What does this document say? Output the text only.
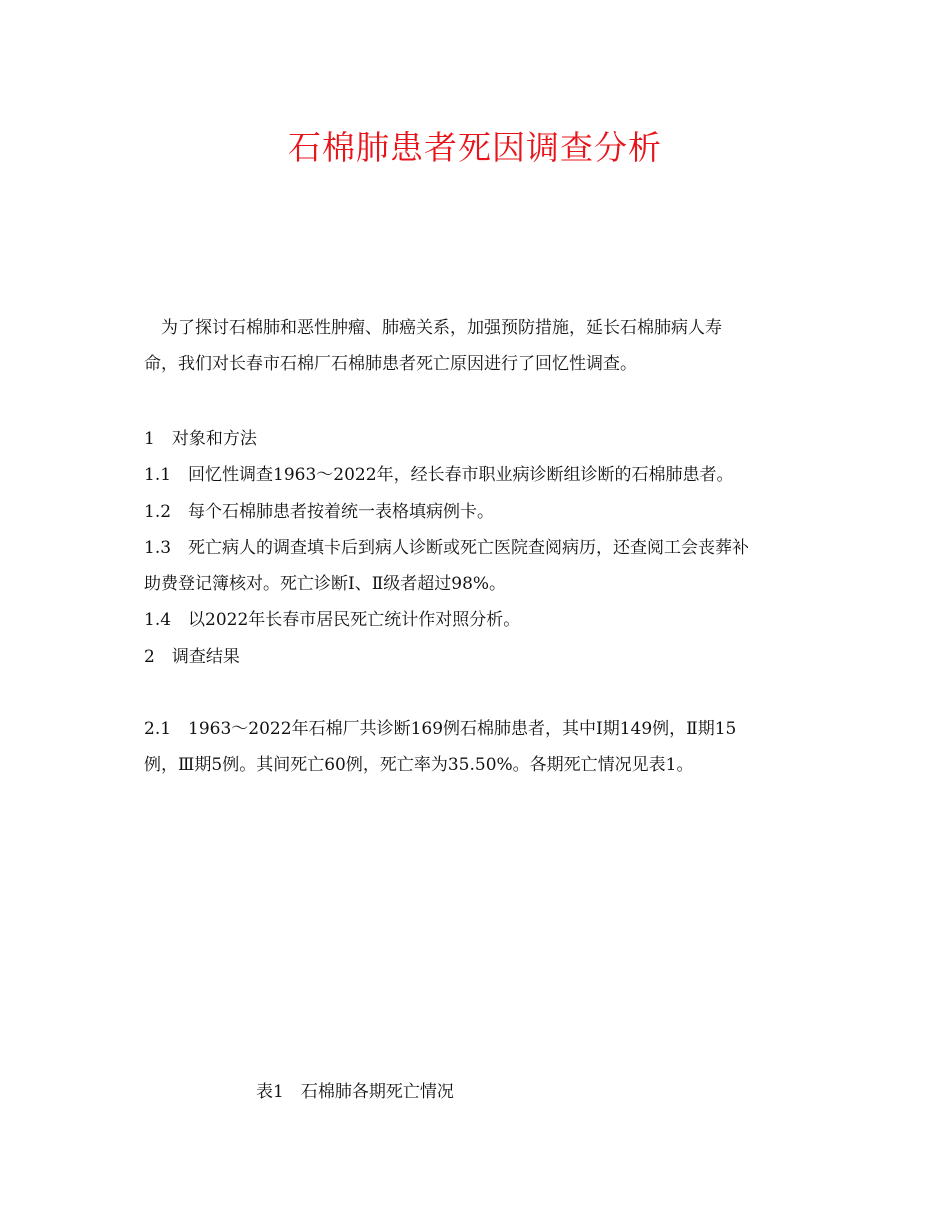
石棉肺患者死因调查分析

　为了探讨石棉肺和恶性肿瘤、肺癌关系，加强预防措施，延长石棉肺病人寿

命，我们对长春市石棉厂石棉肺患者死亡原因进行了回忆性调查。

1　对象和方法

1.1　回忆性调查1963～2022年，经长春市职业病诊断组诊断的石棉肺患者。

1.2　每个石棉肺患者按着统一表格填病例卡。

1.3　死亡病人的调查填卡后到病人诊断或死亡医院查阅病历，还查阅工会丧葬补

助费登记簿核对。死亡诊断Ⅰ、Ⅱ级者超过98%。

1.4　以2022年长春市居民死亡统计作对照分析。

2　调查结果

2.1　1963～2022年石棉厂共诊断169例石棉肺患者，其中Ⅰ期149例，Ⅱ期15

例，Ⅲ期5例。其间死亡60例，死亡率为35.50%。各期死亡情况见表1。

表1　石棉肺各期死亡情况
